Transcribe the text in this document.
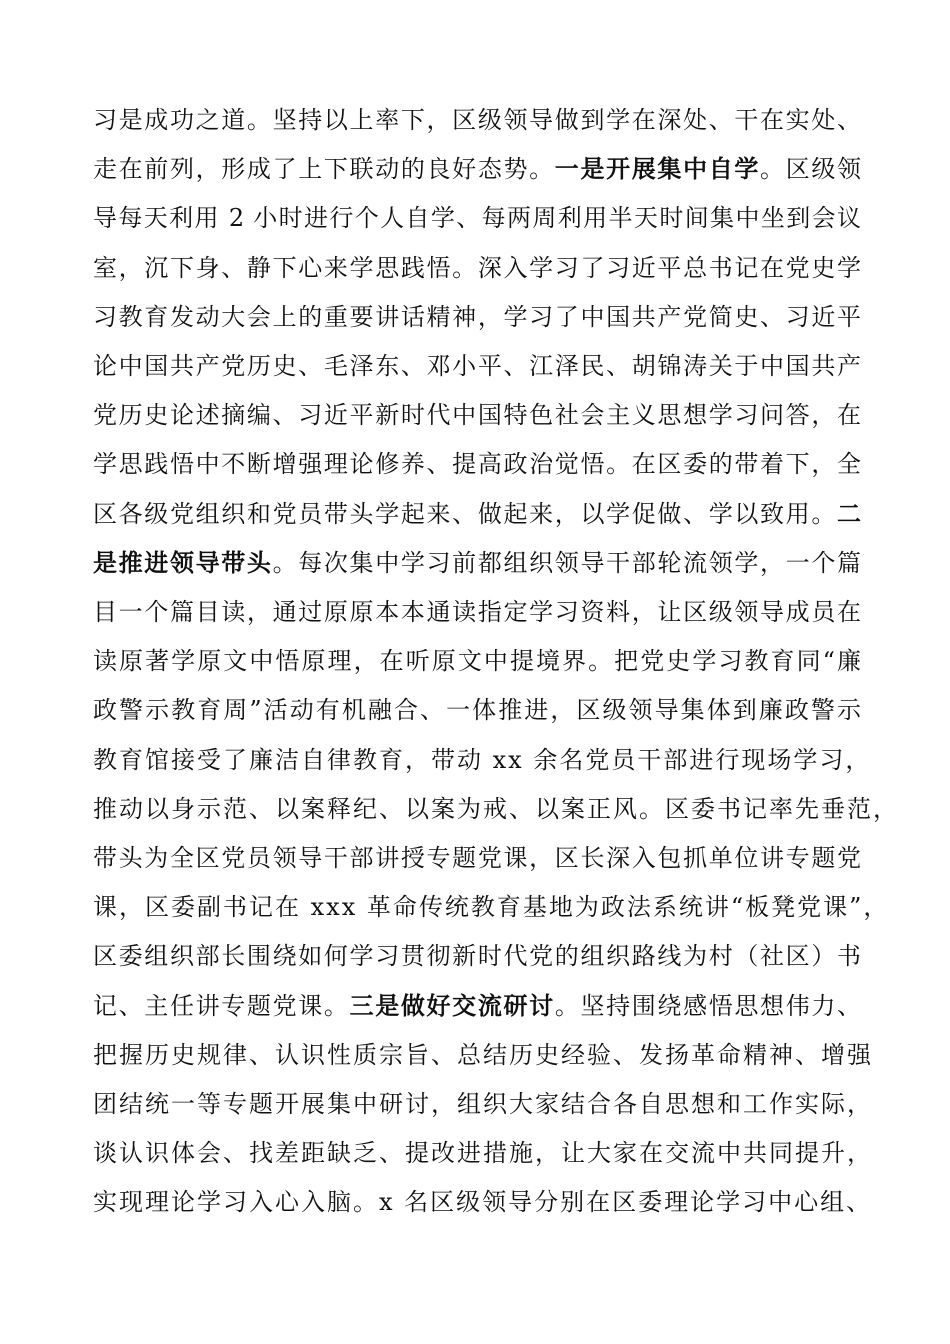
习是成功之道。坚持以上率下，区级领导做到学在深处、干在实处、
走在前列，形成了上下联动的良好态势。一是开展集中自学。区级领
导每天利用 2 小时进行个人自学、每两周利用半天时间集中坐到会议
室，沉下身、静下心来学思践悟。深入学习了习近平总书记在党史学
习教育发动大会上的重要讲话精神，学习了中国共产党简史、习近平
论中国共产党历史、毛泽东、邓小平、江泽民、胡锦涛关于中国共产
党历史论述摘编、习近平新时代中国特色社会主义思想学习问答，在
学思践悟中不断增强理论修养、提高政治觉悟。在区委的带着下，全
区各级党组织和党员带头学起来、做起来，以学促做、学以致用。二
是推进领导带头。每次集中学习前都组织领导干部轮流领学，一个篇
目一个篇目读，通过原原本本通读指定学习资料，让区级领导成员在
读原著学原文中悟原理，在听原文中提境界。把党史学习教育同“廉
政警示教育周”活动有机融合、一体推进，区级领导集体到廉政警示
教育馆接受了廉洁自律教育，带动 xx 余名党员干部进行现场学习，
推动以身示范、以案释纪、以案为戒、以案正风。区委书记率先垂范，
带头为全区党员领导干部讲授专题党课，区长深入包抓单位讲专题党
课，区委副书记在 xxx 革命传统教育基地为政法系统讲“板凳党课”，
区委组织部长围绕如何学习贯彻新时代党的组织路线为村（社区）书
记、主任讲专题党课。三是做好交流研讨。坚持围绕感悟思想伟力、
把握历史规律、认识性质宗旨、总结历史经验、发扬革命精神、增强
团结统一等专题开展集中研讨，组织大家结合各自思想和工作实际，
谈认识体会、找差距缺乏、提改进措施，让大家在交流中共同提升，
实现理论学习入心入脑。x 名区级领导分别在区委理论学习中心组、
